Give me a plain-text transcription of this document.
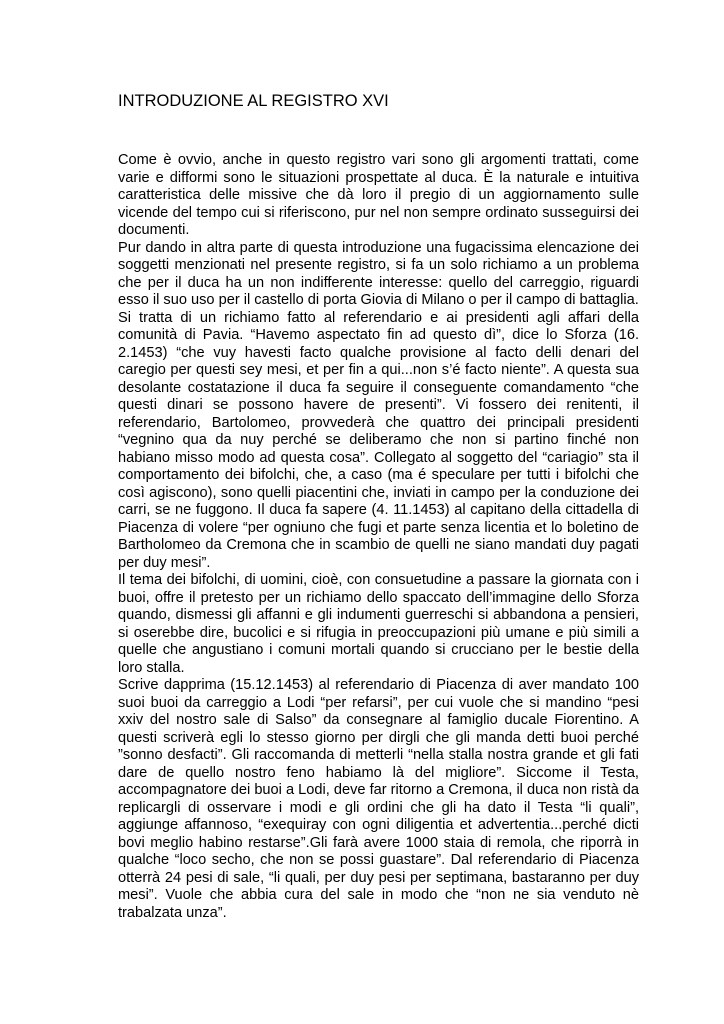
INTRODUZIONE AL REGISTRO XVI

Come è ovvio, anche in questo registro vari sono gli argomenti trattati, come varie e difformi sono le situazioni prospettate al duca. È la naturale e intuitiva caratteristica delle missive che dà loro il pregio di un aggiornamento sulle vicende del tempo cui si riferiscono, pur nel non sempre ordinato susseguirsi dei documenti.

Pur dando in altra parte di questa introduzione una fugacissima elencazione dei soggetti menzionati nel presente registro, si fa un solo richiamo a un problema che per il duca ha un non indifferente interesse: quello del carreggio, riguardi esso il suo uso per il castello di porta Giovia di Milano o per il campo di battaglia.

Si tratta di un richiamo fatto al referendario e ai presidenti agli affari della comunità di Pavia. “Havemo aspectato fin ad questo dì”, dice lo Sforza (16. 2.1453) “che vuy havesti facto qualche provisione al facto delli denari del caregio per questi sey mesi, et per fin a qui...non s’é facto niente”. A questa sua desolante costatazione il duca fa seguire il conseguente comandamento “che questi dinari se possono havere de presenti”. Vi fossero dei renitenti, il referendario, Bartolomeo, provvederà che quattro dei principali presidenti “vegnino qua da nuy perché se deliberamo che non si partino finché non habiano misso modo ad questa cosa”. Collegato al soggetto del “cariagio” sta il comportamento dei bifolchi, che, a caso (ma é speculare per tutti i bifolchi che così agiscono), sono quelli piacentini che, inviati in campo per la conduzione dei carri, se ne fuggono. Il duca fa sapere (4. 11.1453) al capitano della cittadella di Piacenza di volere “per ogniuno che fugi et parte senza licentia et lo boletino de Bartholomeo da Cremona che in scambio de quelli ne siano mandati duy pagati per duy mesi”.

Il tema dei bifolchi, di uomini, cioè, con consuetudine a passare la giornata con i buoi, offre il pretesto per un richiamo dello spaccato dell’immagine dello Sforza quando, dismessi gli affanni e gli indumenti guerreschi si abbandona a pensieri, si oserebbe dire, bucolici e si rifugia in preoccupazioni più umane e più simili a quelle che angustiano i comuni mortali quando si crucciano per le bestie della loro stalla.

Scrive dapprima (15.12.1453) al referendario di Piacenza di aver mandato 100 suoi buoi da carreggio a Lodi “per refarsi”, per cui vuole che si mandino “pesi xxiv del nostro sale di Salso” da consegnare al famiglio ducale Fiorentino. A questi scriverà egli lo stesso giorno per dirgli che gli manda detti buoi perché ”sonno desfacti”. Gli raccomanda di metterli “nella stalla nostra grande et gli fati dare de quello nostro feno habiamo là del migliore”. Siccome il Testa, accompagnatore dei buoi a Lodi, deve far ritorno a Cremona, il duca non ristà da replicargli di osservare i modi e gli ordini che gli ha dato il Testa “li quali”, aggiunge affannoso, “exequiray con ogni diligentia et advertentia...perché dicti bovi meglio habino restarse”.Gli farà avere 1000 staia di remola, che riporrà in qualche “loco secho, che non se possi guastare”. Dal referendario di Piacenza otterrà 24 pesi di sale, “li quali, per duy pesi per septimana, bastaranno per duy mesi”. Vuole che abbia cura del sale in modo che “non ne sia venduto nè trabalzata unza”.
